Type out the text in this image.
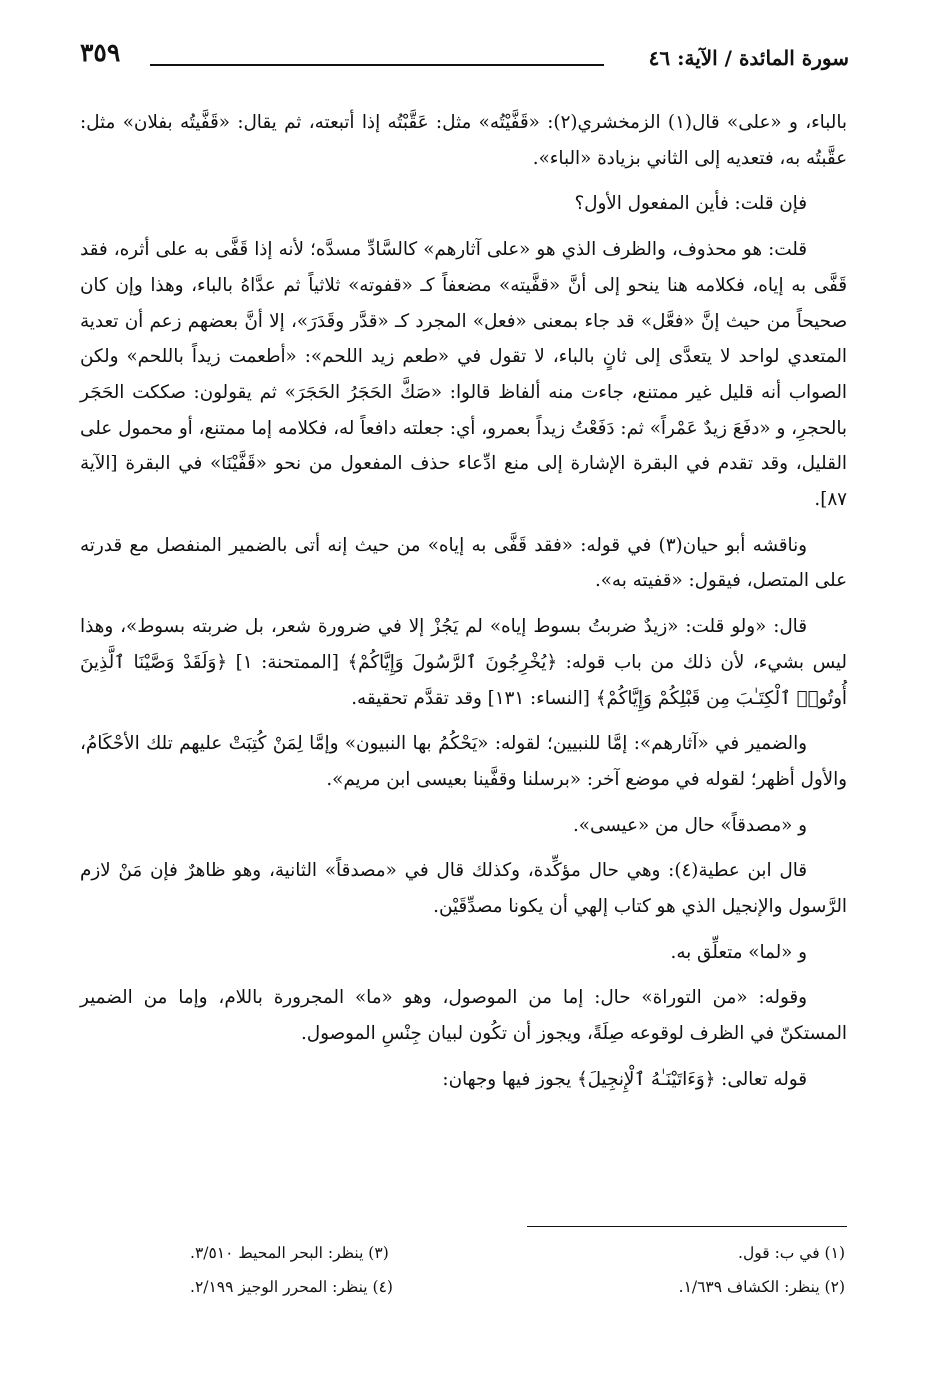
سورة المائدة / الآية: ٤٦
٣٥٩

بالباء، و «على» قال(١) الزمخشري(٢): «قَفَّيْتُه» مثل: عَقَّبْتُه إذا أتبعته، ثم يقال: «قَفَّيتُه بفلان» مثل: عقَّبتُه به، فتعديه إلى الثاني بزيادة «الباء».

فإن قلت: فأين المفعول الأول؟

قلت: هو محذوف، والظرف الذي هو «على آثارهم» كالسَّادِّ مسدَّه؛ لأنه إذا قَفَّى به على أثره، فقد قَفَّى به إياه، فكلامه هنا ينحو إلى أنَّ «قفَّيته» مضعفاً كـ «قفوته» ثلاثياً ثم عدَّاهُ بالباء، وهذا وإن كان صحيحاً من حيث إنَّ «فعَّل» قد جاء بمعنى «فعل» المجرد كـ «قدَّر وقَدَرَ»، إلا أنَّ بعضهم زعم أن تعدية المتعدي لواحد لا يتعدَّى إلى ثانٍ بالباء، لا تقول في «طعم زيد اللحم»: «أطعمت زيداً باللحم» ولكن الصواب أنه قليل غير ممتنع، جاءت منه ألفاظ قالوا: «صَكَّ الحَجَرُ الحَجَرَ» ثم يقولون: صككت الحَجَر بالحجرِ، و «دفَعَ زيدٌ عَمْراً» ثم: دَفَعْتُ زيداً بعمرو، أي: جعلته دافعاً له، فكلامه إما ممتنع، أو محمول على القليل، وقد تقدم في البقرة الإشارة إلى منع ادِّعاء حذف المفعول من نحو «قَفَّيْنَا» في البقرة [الآية ٨٧].

وناقشه أبو حيان(٣) في قوله: «فقد قَفَّى به إياه» من حيث إنه أتى بالضمير المنفصل مع قدرته على المتصل، فيقول: «قفيته به».

قال: «ولو قلت: «زيدٌ ضربتُ بسوط إياه» لم يَجُزْ إلا في ضرورة شعر، بل ضربته بسوط»، وهذا ليس بشيء، لأن ذلك من باب قوله: ﴿يُخْرِجُونَ ٱلرَّسُولَ وَإِيَّاكُمْ﴾ [الممتحنة: ١] ﴿وَلَقَدْ وَصَّيْنَا ٱلَّذِينَ أُوتُوا۟ ٱلْكِتَـٰبَ مِن قَبْلِكُمْ وَإِيَّاكُمْ﴾ [النساء: ١٣١] وقد تقدَّم تحقيقه.

والضمير في «آثارهم»: إمَّا للنبيين؛ لقوله: «يَحْكُمُ بها النبيون» وإمَّا لِمَنْ كُتِبَتْ عليهم تلك الأحْكَامُ، والأول أظهر؛ لقوله في موضع آخر: «برسلنا وقفَّينا بعيسى ابن مريم».

و «مصدقاً» حال من «عيسى».

قال ابن عطية(٤): وهي حال مؤكِّدة، وكذلك قال في «مصدقاً» الثانية، وهو ظاهرٌ فإن مَنْ لازم الرَّسول والإنجيل الذي هو كتاب إلهي أن يكونا مصدِّقَيْن.

و «لما» متعلِّق به.

وقوله: «من التوراة» حال: إما من الموصول، وهو «ما» المجرورة باللام، وإما من الضمير المستكنّ في الظرف لوقوعه صِلَةً، ويجوز أن تكُون لبيان جِنْسِ الموصول.

قوله تعالى: ﴿وَءَاتَيْنَـٰهُ ٱلْإِنجِيلَ﴾ يجوز فيها وجهان:

(١) في ب: قول.
(٣) ينظر: البحر المحيط ٣/٥١٠.
(٢) ينظر: الكشاف ١/٦٣٩.
(٤) ينظر: المحرر الوجيز ٢/١٩٩.
